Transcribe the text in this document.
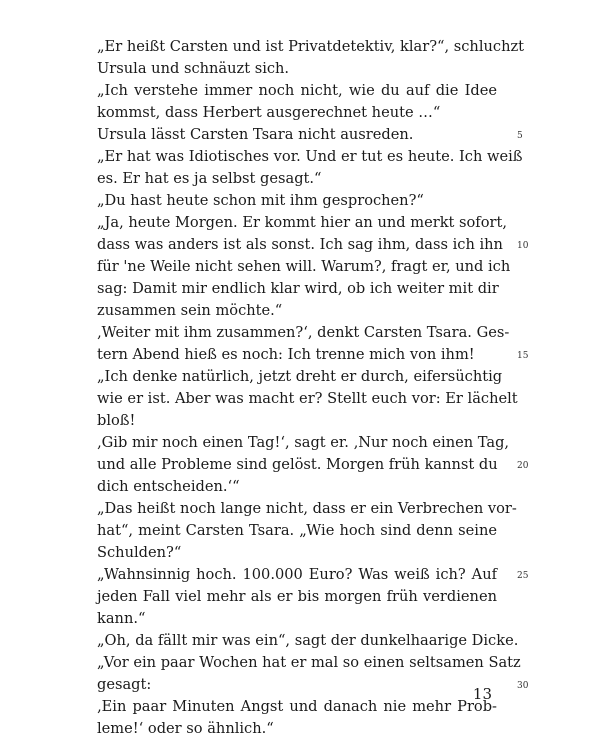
„Er heißt Carsten und ist Privatdetektiv, klar?“, schluchzt
Ursula und schnäuzt sich.
„Ich verstehe immer noch nicht, wie du auf die Idee
kommst, dass Herbert ausgerechnet heute …“
Ursula lässt Carsten Tsara nicht ausreden.	5
„Er hat was Idiotisches vor. Und er tut es heute. Ich weiß
es. Er hat es ja selbst gesagt.“
„Du hast heute schon mit ihm gesprochen?“
„Ja, heute Morgen. Er kommt hier an und merkt sofort,
dass was anders ist als sonst. Ich sag ihm, dass ich ihn 10
für 'ne Weile nicht sehen will. Warum?, fragt er, und ich
sag: Damit mir endlich klar wird, ob ich weiter mit dir
zusammen sein möchte.“
‚Weiter mit ihm zusammen?‘, denkt Carsten Tsara. Ges-
tern Abend hieß es noch: Ich trenne mich von ihm!	15
„Ich denke natürlich, jetzt dreht er durch, eifersüchtig
wie er ist. Aber was macht er? Stellt euch vor: Er lächelt
bloß!
‚Gib mir noch einen Tag!‘, sagt er. ‚Nur noch einen Tag,
und alle Probleme sind gelöst. Morgen früh kannst du 20
dich entscheiden.‘“
„Das heißt noch lange nicht, dass er ein Verbrechen vor-
hat“, meint Carsten Tsara. „Wie hoch sind denn seine
Schulden?“
„Wahnsinnig hoch. 100.000 Euro? Was weiß ich? Auf 25
jeden Fall viel mehr als er bis morgen früh verdienen
kann.“
„Oh, da fällt mir was ein“, sagt der dunkelhaarige Dicke.
„Vor ein paar Wochen hat er mal so einen seltsamen Satz
gesagt:	30
‚Ein paar Minuten Angst und danach nie mehr Prob-
leme!‘ oder so ähnlich.“
13
